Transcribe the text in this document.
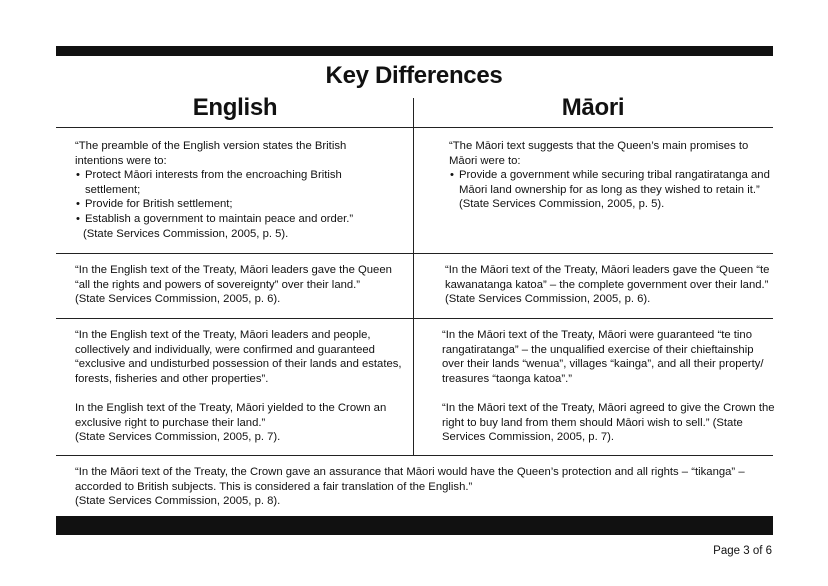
Key Differences
English	Māori

“The preamble of the English version states the British intentions were to:

• Protect Māori interests from the encroaching British settlement;
• Provide for British settlement;
• Establish a government to maintain peace and order.”

(State Services Commission, 2005, p. 5).

“The Māori text suggests that the Queen’s main promises to Māori were to:

• Provide a government while securing tribal rangatiratanga and Māori land ownership for as long as they wished to retain it.” (State Services Commission, 2005, p. 5).

“In the English text of the Treaty, Māori leaders gave the Queen “all the rights and powers of sovereignty” over their land.” (State Services Commission, 2005, p. 6).

“In the Māori text of the Treaty, Māori leaders gave the Queen “te kawanatanga katoa” – the complete government over their land.” (State Services Commission, 2005, p. 6).

“In the English text of the Treaty, Māori leaders and people, collectively and individually, were confirmed and guaranteed “exclusive and undisturbed possession of their lands and estates, forests, fisheries and other properties”.

In the English text of the Treaty, Māori yielded to the Crown an exclusive right to purchase their land.”

(State Services Commission, 2005, p. 7).

“In the Māori text of the Treaty, Māori were guaranteed “te tino rangatiratanga” – the unqualified exercise of their chieftainship over their lands “wenua”, villages “kainga”, and all their property/ treasures “taonga katoa”.”

“In the Māori text of the Treaty, Māori agreed to give the Crown the right to buy land from them should Māori wish to sell.” (State Services Commission, 2005, p. 7).

“In the Māori text of the Treaty, the Crown gave an assurance that Māori would have the Queen’s protection and all rights – “tikanga” – accorded to British subjects. This is considered a fair translation of the English.”

(State Services Commission, 2005, p. 8).

Page 3 of 6
